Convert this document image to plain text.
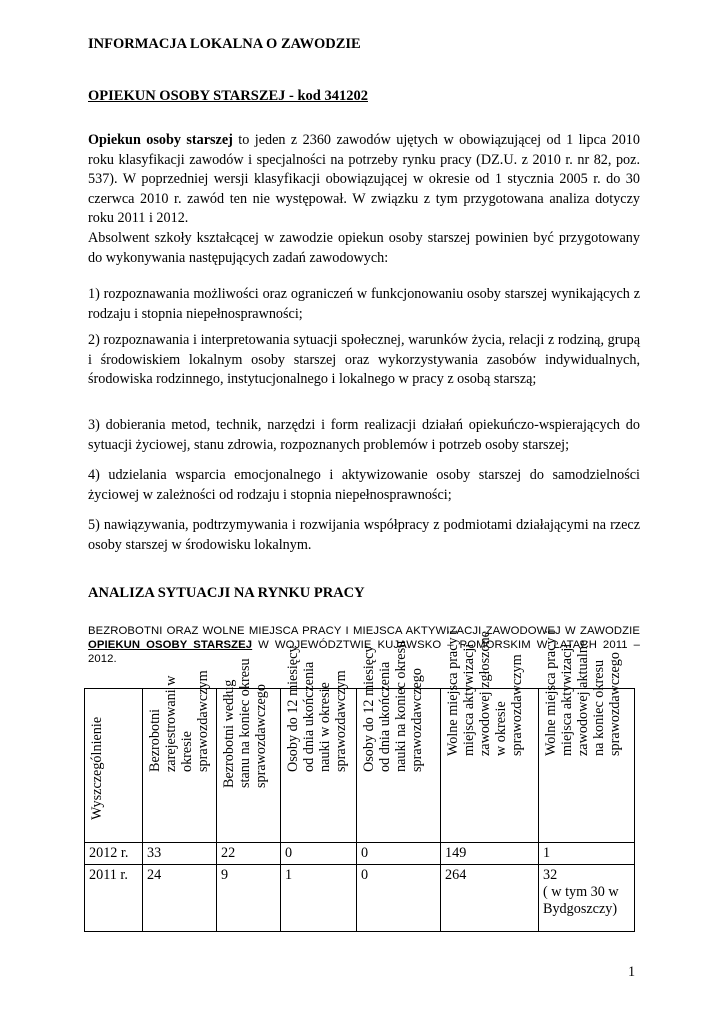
INFORMACJA LOKALNA O ZAWODZIE
OPIEKUN OSOBY STARSZEJ - kod 341202

Opiekun osoby starszej to jeden z 2360 zawodów ujętych w obowiązującej od 1 lipca 2010 roku klasyfikacji zawodów i specjalności na potrzeby rynku pracy (DZ.U. z 2010 r. nr 82, poz. 537). W poprzedniej wersji klasyfikacji obowiązującej w okresie od 1 stycznia 2005 r. do 30 czerwca 2010 r. zawód ten nie występował. W związku z tym przygotowana analiza dotyczy roku 2011 i 2012.

Absolwent szkoły kształcącej w zawodzie opiekun osoby starszej powinien być przygotowany do wykonywania następujących zadań zawodowych:

1) rozpoznawania możliwości oraz ograniczeń w funkcjonowaniu osoby starszej wynikających z rodzaju i stopnia niepełnosprawności;

2) rozpoznawania i interpretowania sytuacji społecznej, warunków życia, relacji z rodziną, grupą i środowiskiem lokalnym osoby starszej oraz wykorzystywania zasobów indywidualnych, środowiska rodzinnego, instytucjonalnego i lokalnego w pracy z osobą starszą;

3) dobierania metod, technik, narzędzi i form realizacji działań opiekuńczo-wspierających do sytuacji życiowej, stanu zdrowia, rozpoznanych problemów i potrzeb osoby starszej;

4) udzielania wsparcia emocjonalnego i aktywizowanie osoby starszej do samodzielności życiowej w zależności od rodzaju i stopnia niepełnosprawności;

5) nawiązywania, podtrzymywania i rozwijania współpracy z podmiotami działającymi na rzecz osoby starszej w środowisku lokalnym.

ANALIZA SYTUACJI NA RYNKU PRACY

BEZROBOTNI ORAZ WOLNE MIEJSCA PRACY I MIEJSCA AKTYWIZACJI ZAWODOWEJ W ZAWODZIE OPIEKUN OSOBY STARSZEJ W WOJEWÓDZTWIE KUJAWSKO – POMORSKIM W LATACH 2011 – 2012.

Wyszczególnienie	Bezrobotni zarejestrowani w okresie sprawozdawczym	Bezrobotni według stanu na koniec okresu sprawozdawczego	Osoby do 12 miesięcy od dnia ukończenia nauki w okresie sprawozdawczym	Osoby do 12 miesięcy od dnia ukończenia nauki na koniec okresu sprawozdawczego	Wolne miejsca pracy i miejsca aktywizacji zawodowej zgłoszone w okresie sprawozdawczym	Wolne miejsca pracy i miejsca aktywizacji zawodowej aktualne na koniec okresu sprawozdawczego

2012 r.	33	22	0	0	149	1
2011 r.	24	9	1	0	264	32
( w tym 30 w Bydgoszczy)
1
